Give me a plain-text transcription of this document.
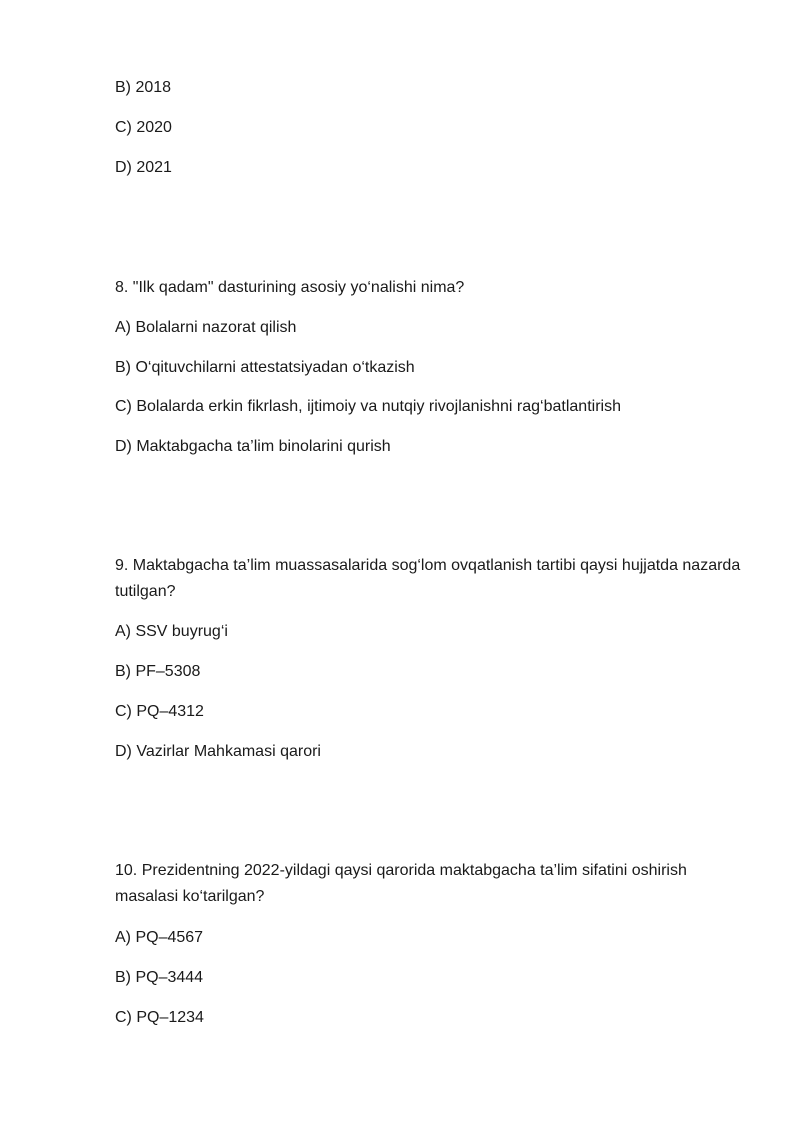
B) 2018
C) 2020
D) 2021
8. "Ilk qadam" dasturining asosiy yo‘nalishi nima?
A) Bolalarni nazorat qilish
B) O‘qituvchilarni attestatsiyadan o‘tkazish
C) Bolalarda erkin fikrlash, ijtimoiy va nutqiy rivojlanishni rag‘batlantirish
D) Maktabgacha ta’lim binolarini qurish
9. Maktabgacha ta’lim muassasalarida sog‘lom ovqatlanish tartibi qaysi hujjatda nazarda tutilgan?
A) SSV buyrug‘i
B) PF–5308
C) PQ–4312
D) Vazirlar Mahkamasi qarori
10. Prezidentning 2022-yildagi qaysi qarorida maktabgacha ta’lim sifatini oshirish masalasi ko‘tarilgan?
A) PQ–4567
B) PQ–3444
C) PQ–1234
